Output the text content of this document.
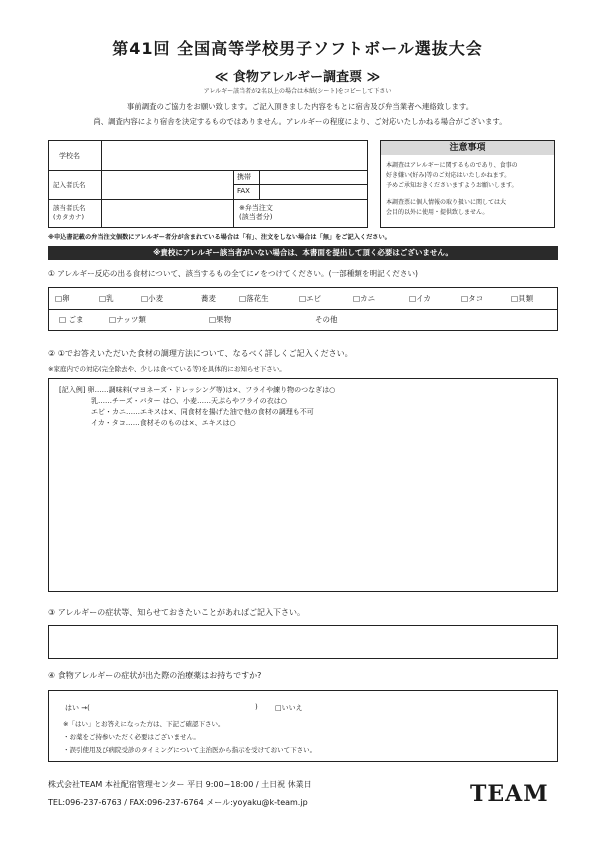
第41回 全国高等学校男子ソフトボール選抜大会
≪ 食物アレルギー調査票 ≫
アレルギー該当者が2名以上の場合は本紙(シート)をコピーして下さい
事前調査のご協力をお願い致します。ご記入頂きました内容をもとに宿舎及び弁当業者へ連絡致します。
尚、調査内容により宿舎を決定するものではありません。アレルギーの程度により、ご対応いたしかねる場合がございます。
学校名
記入者氏名
携帯
FAX
該当者氏名
(カタカナ)
※弁当注文
(該当者分)
注意事項
本調査はアレルギーに関するものであり、食事の
好き嫌い(好み)等のご対応はいたしかねます。
予めご承知おきくださいますようお願いします。
本調査票に個人情報の取り扱いに関しては大
会目的以外に使用・提供致しません。
※申込書記載の弁当注文個数にアレルギー者分が含まれている場合は「有」、注文をしない場合は「無」をご記入ください。
※貴校にアレルギー該当者がいない場合は、本書面を提出して頂く必要はございません。
① アレルギー反応の出る食材について、該当するもの全てに✓をつけてください。(一部種類を明記ください)
□卵	□乳	□小麦	蕎麦	□落花生	□エビ	□カニ	□イカ	□タコ	□貝類
□ ごま	□ナッツ類	□果物	その他
② ①でお答えいただいた食材の調理方法について、なるべく詳しくご記入ください。
※家庭内での対応(完全除去や、少しは食べている等)を具体的にお知らせ下さい。
[記入例] 卵……調味料(マヨネーズ・ドレッシング等)は×、フライや練り物のつなぎは○
乳……チーズ・バター は○、小麦……天ぷらやフライの衣は○
エビ・カニ……エキスは×、同食材を揚げた油で他の食材の調理も不可
イカ・タコ……食材そのものは×、エキスは○
③ アレルギーの症状等、知らせておきたいことがあればご記入下さい。
④ 食物アレルギーの症状が出た際の治療薬はお持ちですか?
はい →(	) □いいえ
※「はい」とお答えになった方は、下記ご確認下さい。
・お薬をご持参いただく必要はございません。
・誤引使用及び病院受診のタイミングについて主治医から指示を受けておいて下さい。
株式会社TEAM 本社配宿管理センター 平日 9:00~18:00 / 土日祝 休業日
TEL:096-237-6763 / FAX:096-237-6764 メール:yoyaku@k-team.jp	TEAM
